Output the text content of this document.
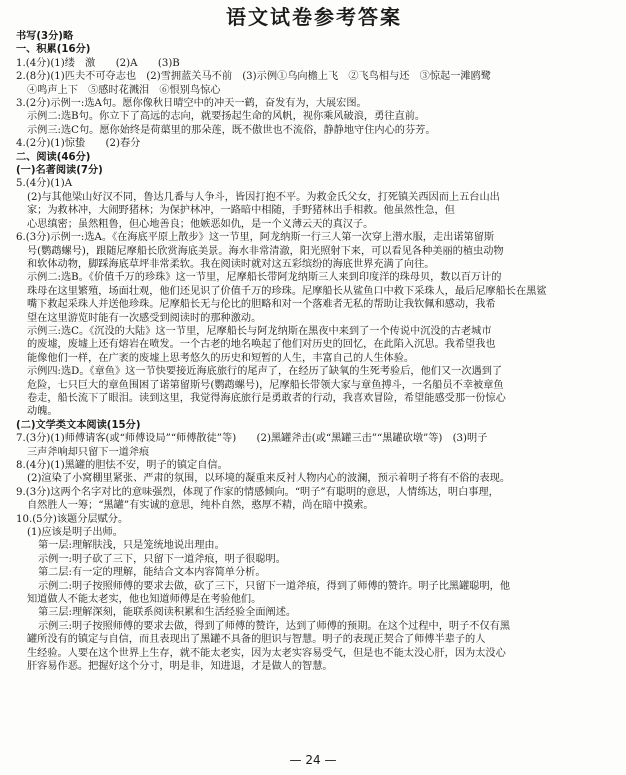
语文试卷参考答案
书写(3分)略
一、积累(16分)
1.(4分)(1)缕　激　　(2)A　　(3)B
2.(8分)(1)匹夫不可夺志也　(2)雪拥蓝关马不前　(3)示例①乌向檐上飞　②飞鸟相与还　③惊起一滩鸥鹭
④鸣声上下　⑤感时花溅泪　⑥恨别鸟惊心
3.(2分)示例一:选A句。愿你像秋日晴空中的冲天一鹤，奋发有为，大展宏图。
示例二:选B句。你立下了高远的志向，就要扬起生命的风帆，视你乘风破浪，勇往直前。
示例三:选C句。愿你始终是荷蕖里的那朵莲，既不傲世也不流俗，静静地守住内心的芬芳。
4.(2分)(1)惊蛰　　(2)春分
二、阅读(46分)
(一)名著阅读(7分)
5.(4分)(1)A
(2)与其他梁山好汉不同，鲁达几番与人争斗，皆因打抱不平。为救金氏父女，打死镇关西因而上五台山出
家；为救林冲，大闹野猪林；为保护林冲，一路暗中相随，手野猪林出手相救。他虽然性急，但
心思缜密；虽然粗鲁，但心地善良；他嫉恶如仇，是一个义薄云天的真汉子。
6.(3分)示例一:选A。《在海底平原上散步》这一节里，阿龙纳斯一行三人第一次穿上潜水服，走出诺第留斯
号(鹦鹉螺号)，跟随尼摩船长欣赏海底美景。海水非常清澈，阳光照射下来，可以看见各种美丽的植虫动物
和软体动物，脚踩海底草坪非常柔软。我在阅读时就对这五彩缤纷的海底世界充满了向往。
示例二:选B。《价值千万的珍珠》这一节里，尼摩船长带阿龙纳斯三人来到印度洋的珠母贝，数以百万计的
珠母在这里繁殖，场面壮观，他们还见识了价值千万的珍珠。尼摩船长从鲨鱼口中救下采珠人，最后尼摩船长在黑鲨
嘴下救起采珠人并送他珍珠。尼摩船长无与伦比的胆略和对一个落难者无私的帮助让我钦佩和感动，我希
望在这里游览时能有一次感受到阅读时的那种激动。
示例三:选C。《沉没的大陆》这一节里，尼摩船长与阿龙纳斯在黑夜中来到了一个传说中沉没的古老城市
的废墟，废墟上还有熔岩在喷发。一个古老的地名唤起了他们对历史的回忆，在此陷入沉思。我希望我也
能像他们一样，在广袤的废墟上思考悠久的历史和短暂的人生，丰富自己的人生体验。
示例四:选D。《章鱼》这一节快要接近海底旅行的尾声了，在经历了缺氧的生死考验后，他们又一次遇到了
危险，七只巨大的章鱼围困了诺第留斯号(鹦鹉螺号)，尼摩船长带领大家与章鱼搏斗，一名船员不幸被章鱼
卷走，船长流下了眼泪。读到这里，我觉得海底旅行是勇敢者的行动，我喜欢冒险，希望能感受那一份惊心
动魄。
(二)文学类文本阅读(15分)
7.(3分)(1)师傅请客(或“师傅设局”“师傅散徒”等)　　(2)黑罐斧击(或“黑罐三击”“黑罐砍墩”等)　(3)明子
三声斧响却只留下一道斧痕
8.(4分)(1)黑罐的胆怯不安，明子的镇定自信。
(2)渲染了小窝棚里紧张、严肃的氛围，以环境的凝重来反衬人物内心的波澜，预示着明子将有不俗的表现。
9.(3分)这两个名字对比的意味强烈，体现了作家的情感倾向。“明子”有聪明的意思，人情练达，明白事理，
自然胜人一筹；“黑罐”有实诚的意思，纯朴自然，憨厚不精，尚在暗中摸索。
10.(5分)该题分层赋分。
(1)应该是明子出师。
第一层:理解肤浅，只是笼统地说出理由。
示例一:明子砍了三下，只留下一道斧痕，明子很聪明。
第二层:有一定的理解，能结合文本内容简单分析。
示例二:明子按照师傅的要求去做，砍了三下，只留下一道斧痕，得到了师傅的赞许。明子比黑罐聪明，他
知道做人不能太老实，他也知道师傅是在考验他们。
第三层:理解深刻，能联系阅读积累和生活经验全面阐述。
示例三:明子按照师傅的要求去做，得到了师傅的赞许，达到了师傅的预期。在这个过程中，明子不仅有黑
罐所没有的镇定与自信，而且表现出了黑罐不具备的胆识与智慧。明子的表现正契合了师傅半辈子的人
生经验。人要在这个世界上生存，就不能太老实，因为太老实容易受气，但是也不能太没心肝，因为太没心
肝容易作恶。把握好这个分寸，明是非，知进退，才是做人的智慧。
— 24 —
